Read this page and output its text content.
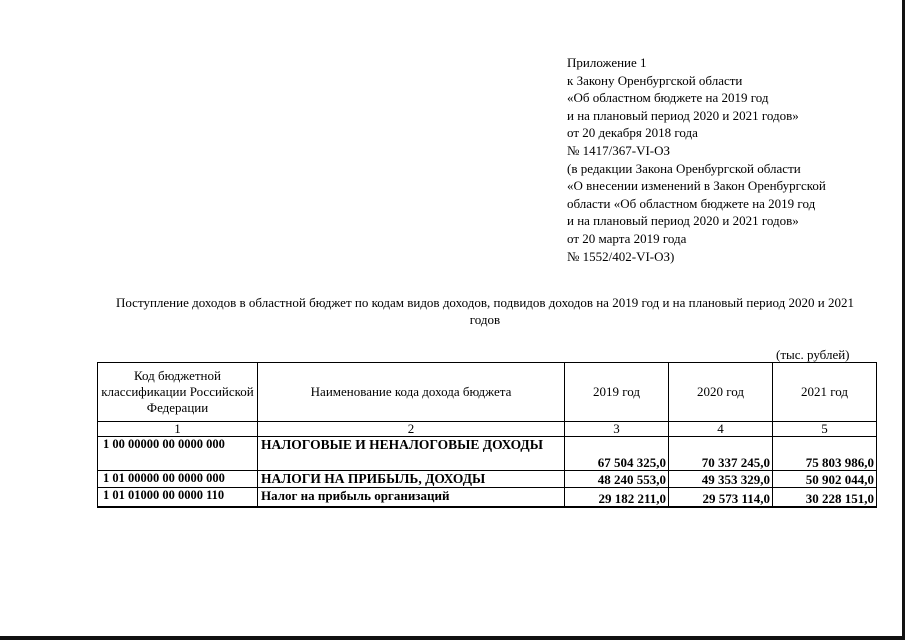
Приложение 1
к Закону Оренбургской области
«Об областном бюджете на 2019 год
и на плановый период 2020 и 2021 годов»
от 20 декабря 2018 года
№ 1417/367-VI-ОЗ
(в редакции Закона Оренбургской области
«О внесении изменений в Закон Оренбургской
области «Об областном бюджете на 2019 год
и на плановый период 2020 и 2021 годов»
от 20 марта 2019 года
№ 1552/402-VI-ОЗ)
Поступление доходов в областной бюджет по кодам видов доходов, подвидов доходов на 2019 год и на плановый период 2020 и 2021 годов
(тыс. рублей)
Код бюджетной классификации Российской Федерации	Наименование кода дохода бюджета	2019 год	2020 год	2021 год
1	2	3	4	5
1 00 00000 00 0000 000	НАЛОГОВЫЕ И НЕНАЛОГОВЫЕ ДОХОДЫ	67 504 325,0	70 337 245,0	75 803 986,0
1 01 00000 00 0000 000	НАЛОГИ НА ПРИБЫЛЬ, ДОХОДЫ	48 240 553,0	49 353 329,0	50 902 044,0
1 01 01000 00 0000 110	Налог на прибыль организаций	29 182 211,0	29 573 114,0	30 228 151,0
